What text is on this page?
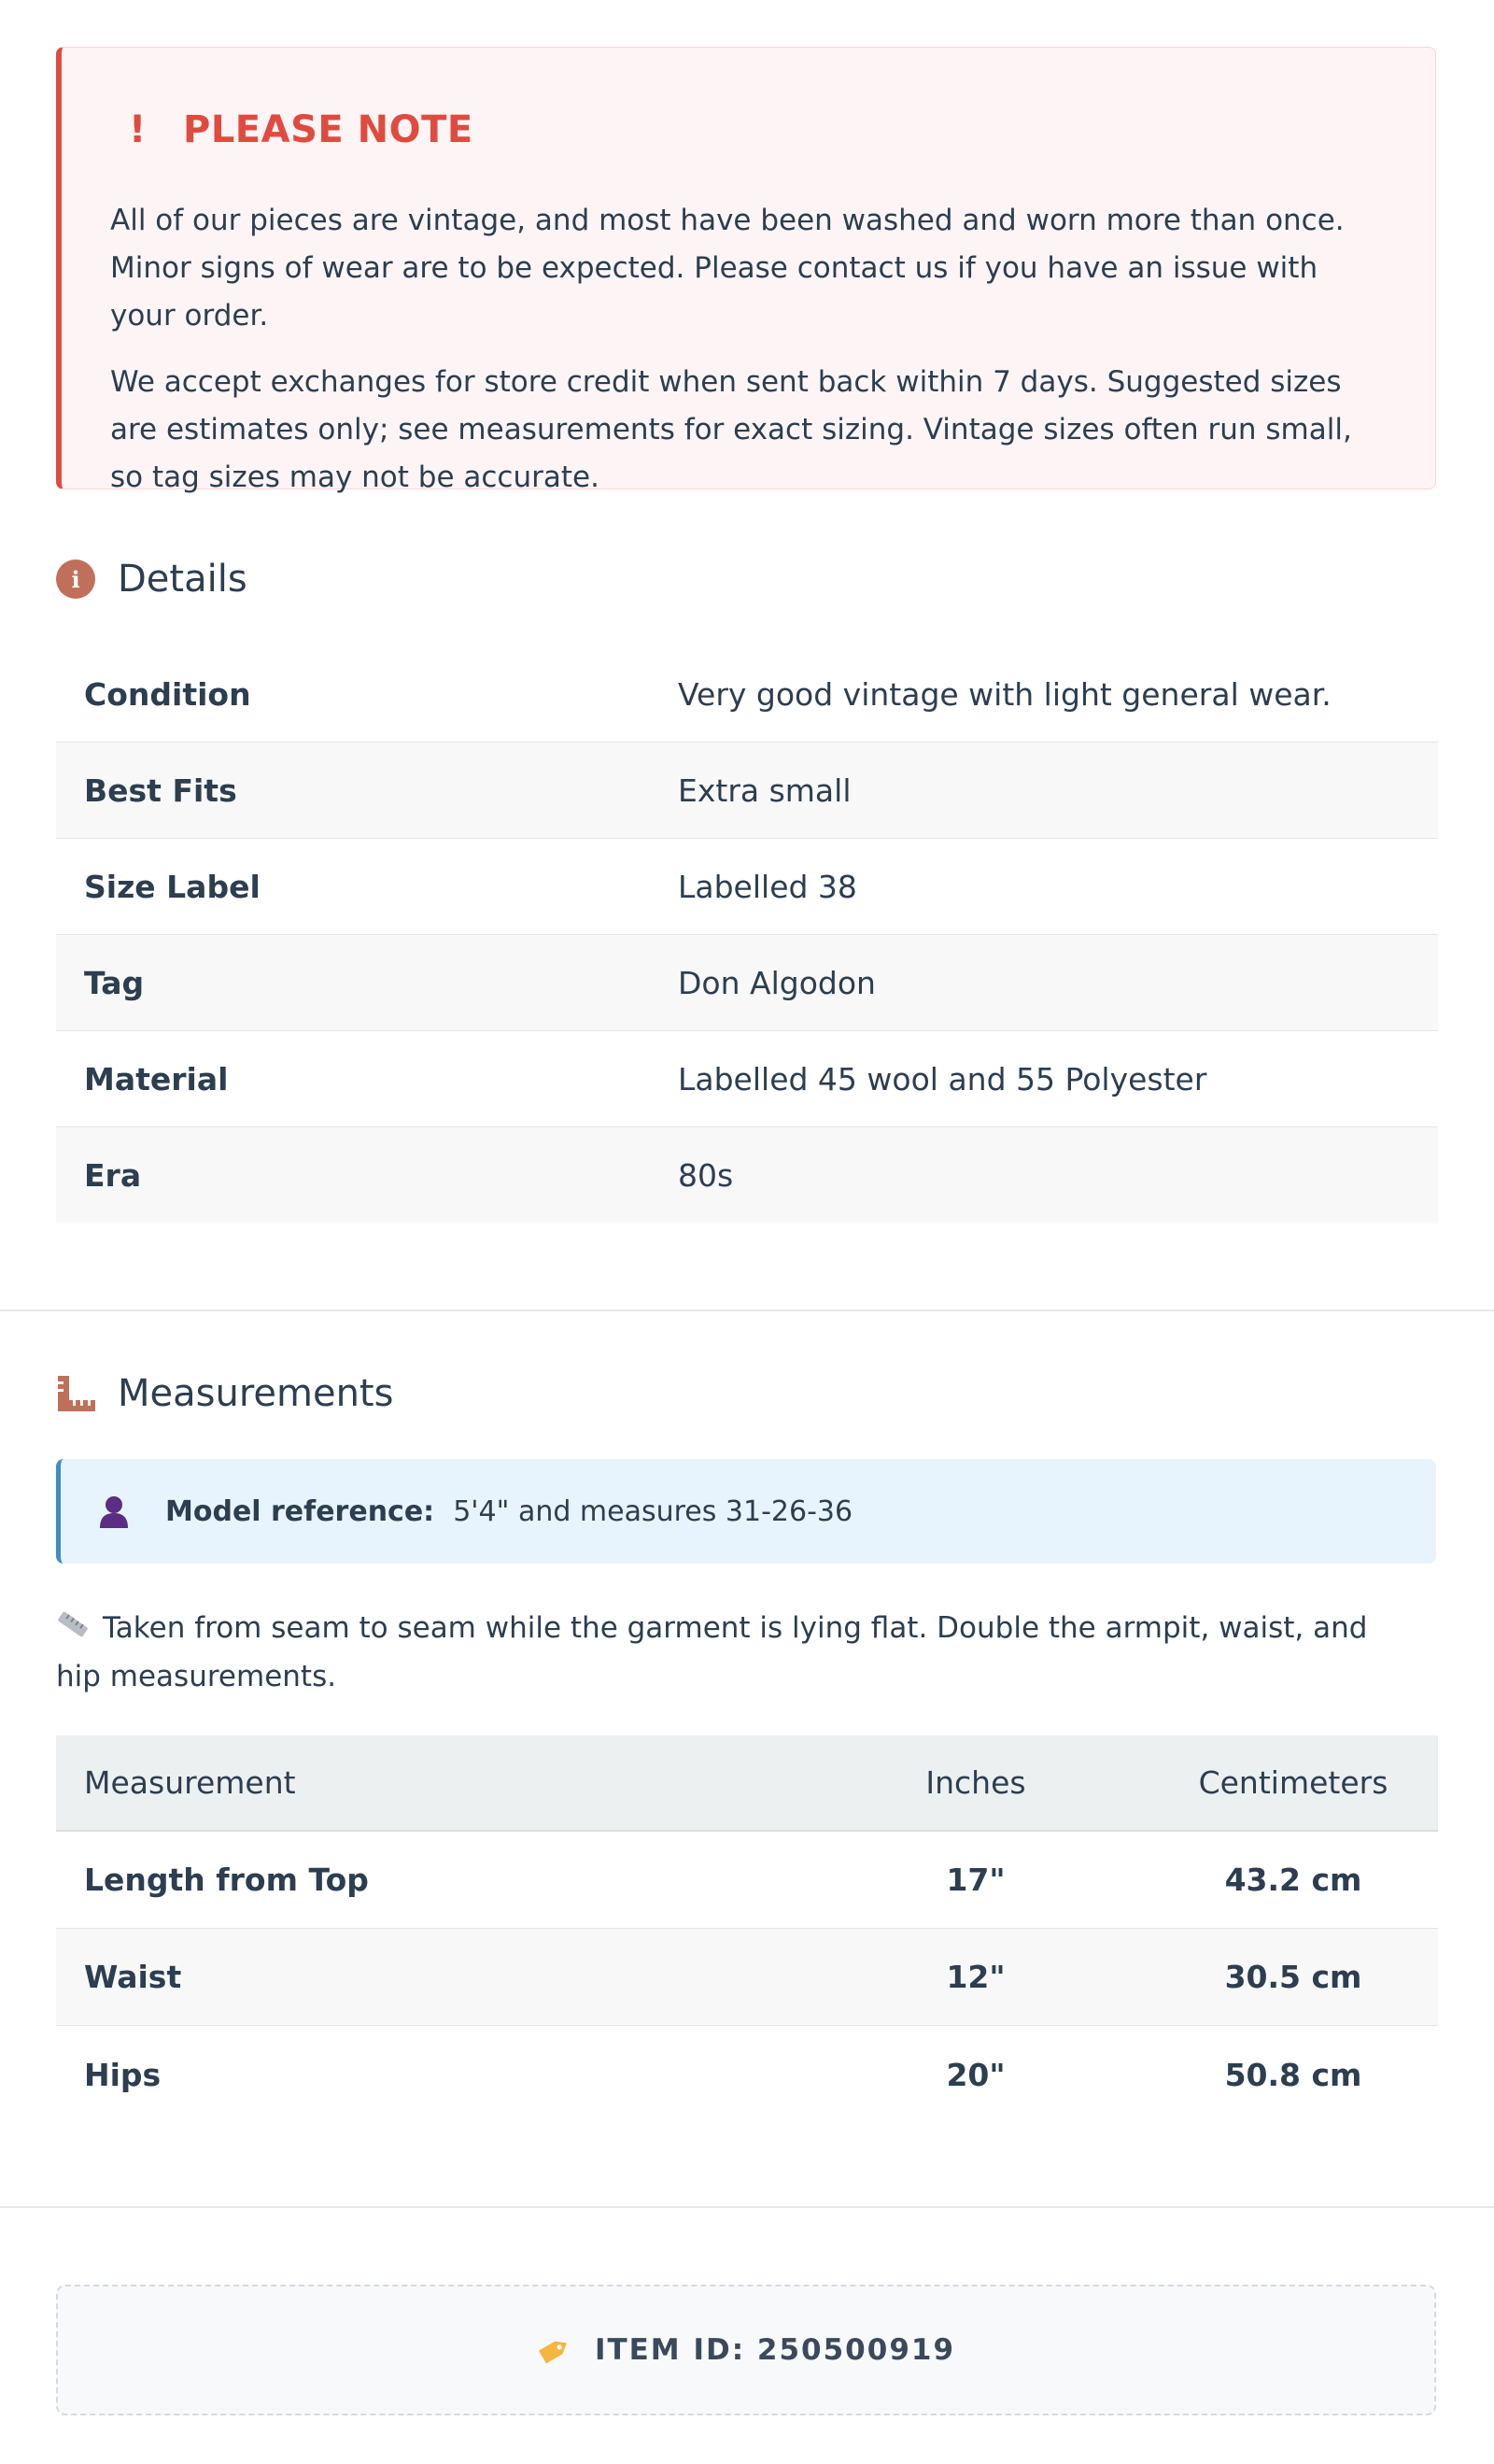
! PLEASE NOTE

All of our pieces are vintage, and most have been washed and worn more than once. Minor signs of wear are to be expected. Please contact us if you have an issue with your order.

We accept exchanges for store credit when sent back within 7 days. Suggested sizes are estimates only; see measurements for exact sizing. Vintage sizes often run small, so tag sizes may not be accurate.

i	Details
Condition	Very good vintage with light general wear.
Best Fits	Extra small
Size Label	Labelled 38
Tag	Don Algodon
Material	Labelled 45 wool and 55 Polyester
Era	80s
Measurements
Model reference: 5'4" and measures 31-26-36
Taken from seam to seam while the garment is lying flat. Double the armpit, waist, and hip measurements.
Measurement	Inches	Centimeters
Length from Top	17"	43.2 cm
Waist	12"	30.5 cm
Hips	20"	50.8 cm
ITEM ID: 250500919
